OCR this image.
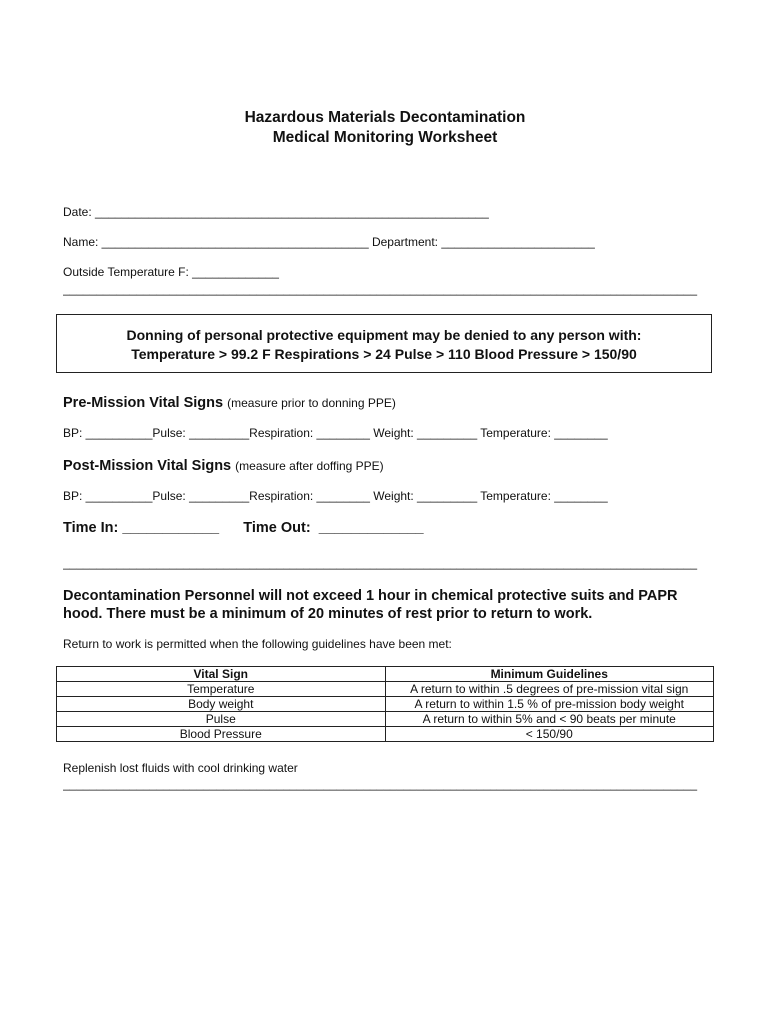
Hazardous Materials Decontamination
Medical Monitoring Worksheet
Date: ___________________________________________________________
Name: ________________________________________ Department: _______________________
Outside Temperature F: _____________
_______________________________________________________________________________________________
Donning of personal protective equipment may be denied to any person with:
Temperature > 99.2 F Respirations > 24 Pulse > 110 Blood Pressure > 150/90
Pre-Mission Vital Signs (measure prior to donning PPE)
BP: __________Pulse: _________Respiration: ________ Weight: _________ Temperature: ________
Post-Mission Vital Signs (measure after doffing PPE)
BP: __________Pulse: _________Respiration: ________ Weight: _________ Temperature: ________
Time In: ____________      Time Out:  _____________
_______________________________________________________________________________________________
Decontamination Personnel will not exceed 1 hour in chemical protective suits and PAPR hood. There must be a minimum of 20 minutes of rest prior to return to work.
Return to work is permitted when the following guidelines have been met:
Vital Sign	Minimum Guidelines
Temperature	A return to within .5 degrees of pre-mission vital sign
Body weight	A return to within 1.5 % of pre-mission body weight
Pulse	A return to within 5% and < 90 beats per minute
Blood Pressure	< 150/90
Replenish lost fluids with cool drinking water
_______________________________________________________________________________________________
